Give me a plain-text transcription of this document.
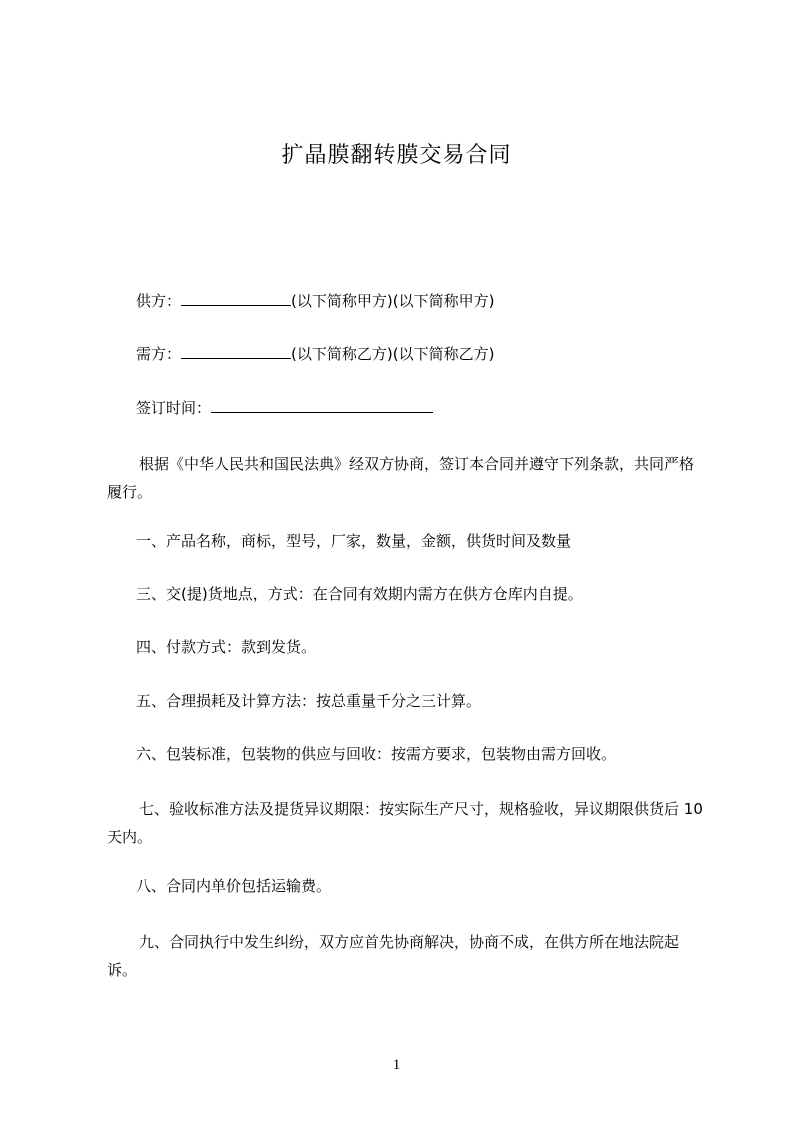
扩晶膜翻转膜交易合同

供方：	(以下简称甲方)(以下简称甲方)

需方：	(以下简称乙方)(以下简称乙方)

签订时间：

根据《中华人民共和国民法典》经双方协商，签订本合同并遵守下列条款，共同严格履行。

一、产品名称，商标，型号，厂家，数量，金额，供货时间及数量

三、交(提)货地点，方式：在合同有效期内需方在供方仓库内自提。

四、付款方式：款到发货。

五、合理损耗及计算方法：按总重量千分之三计算。

六、包装标准，包装物的供应与回收：按需方要求，包装物由需方回收。

七、验收标准方法及提货异议期限：按实际生产尺寸，规格验收，异议期限供货后 10 天内。

八、合同内单价包括运输费。

九、合同执行中发生纠纷，双方应首先协商解决，协商不成，在供方所在地法院起诉。

1
